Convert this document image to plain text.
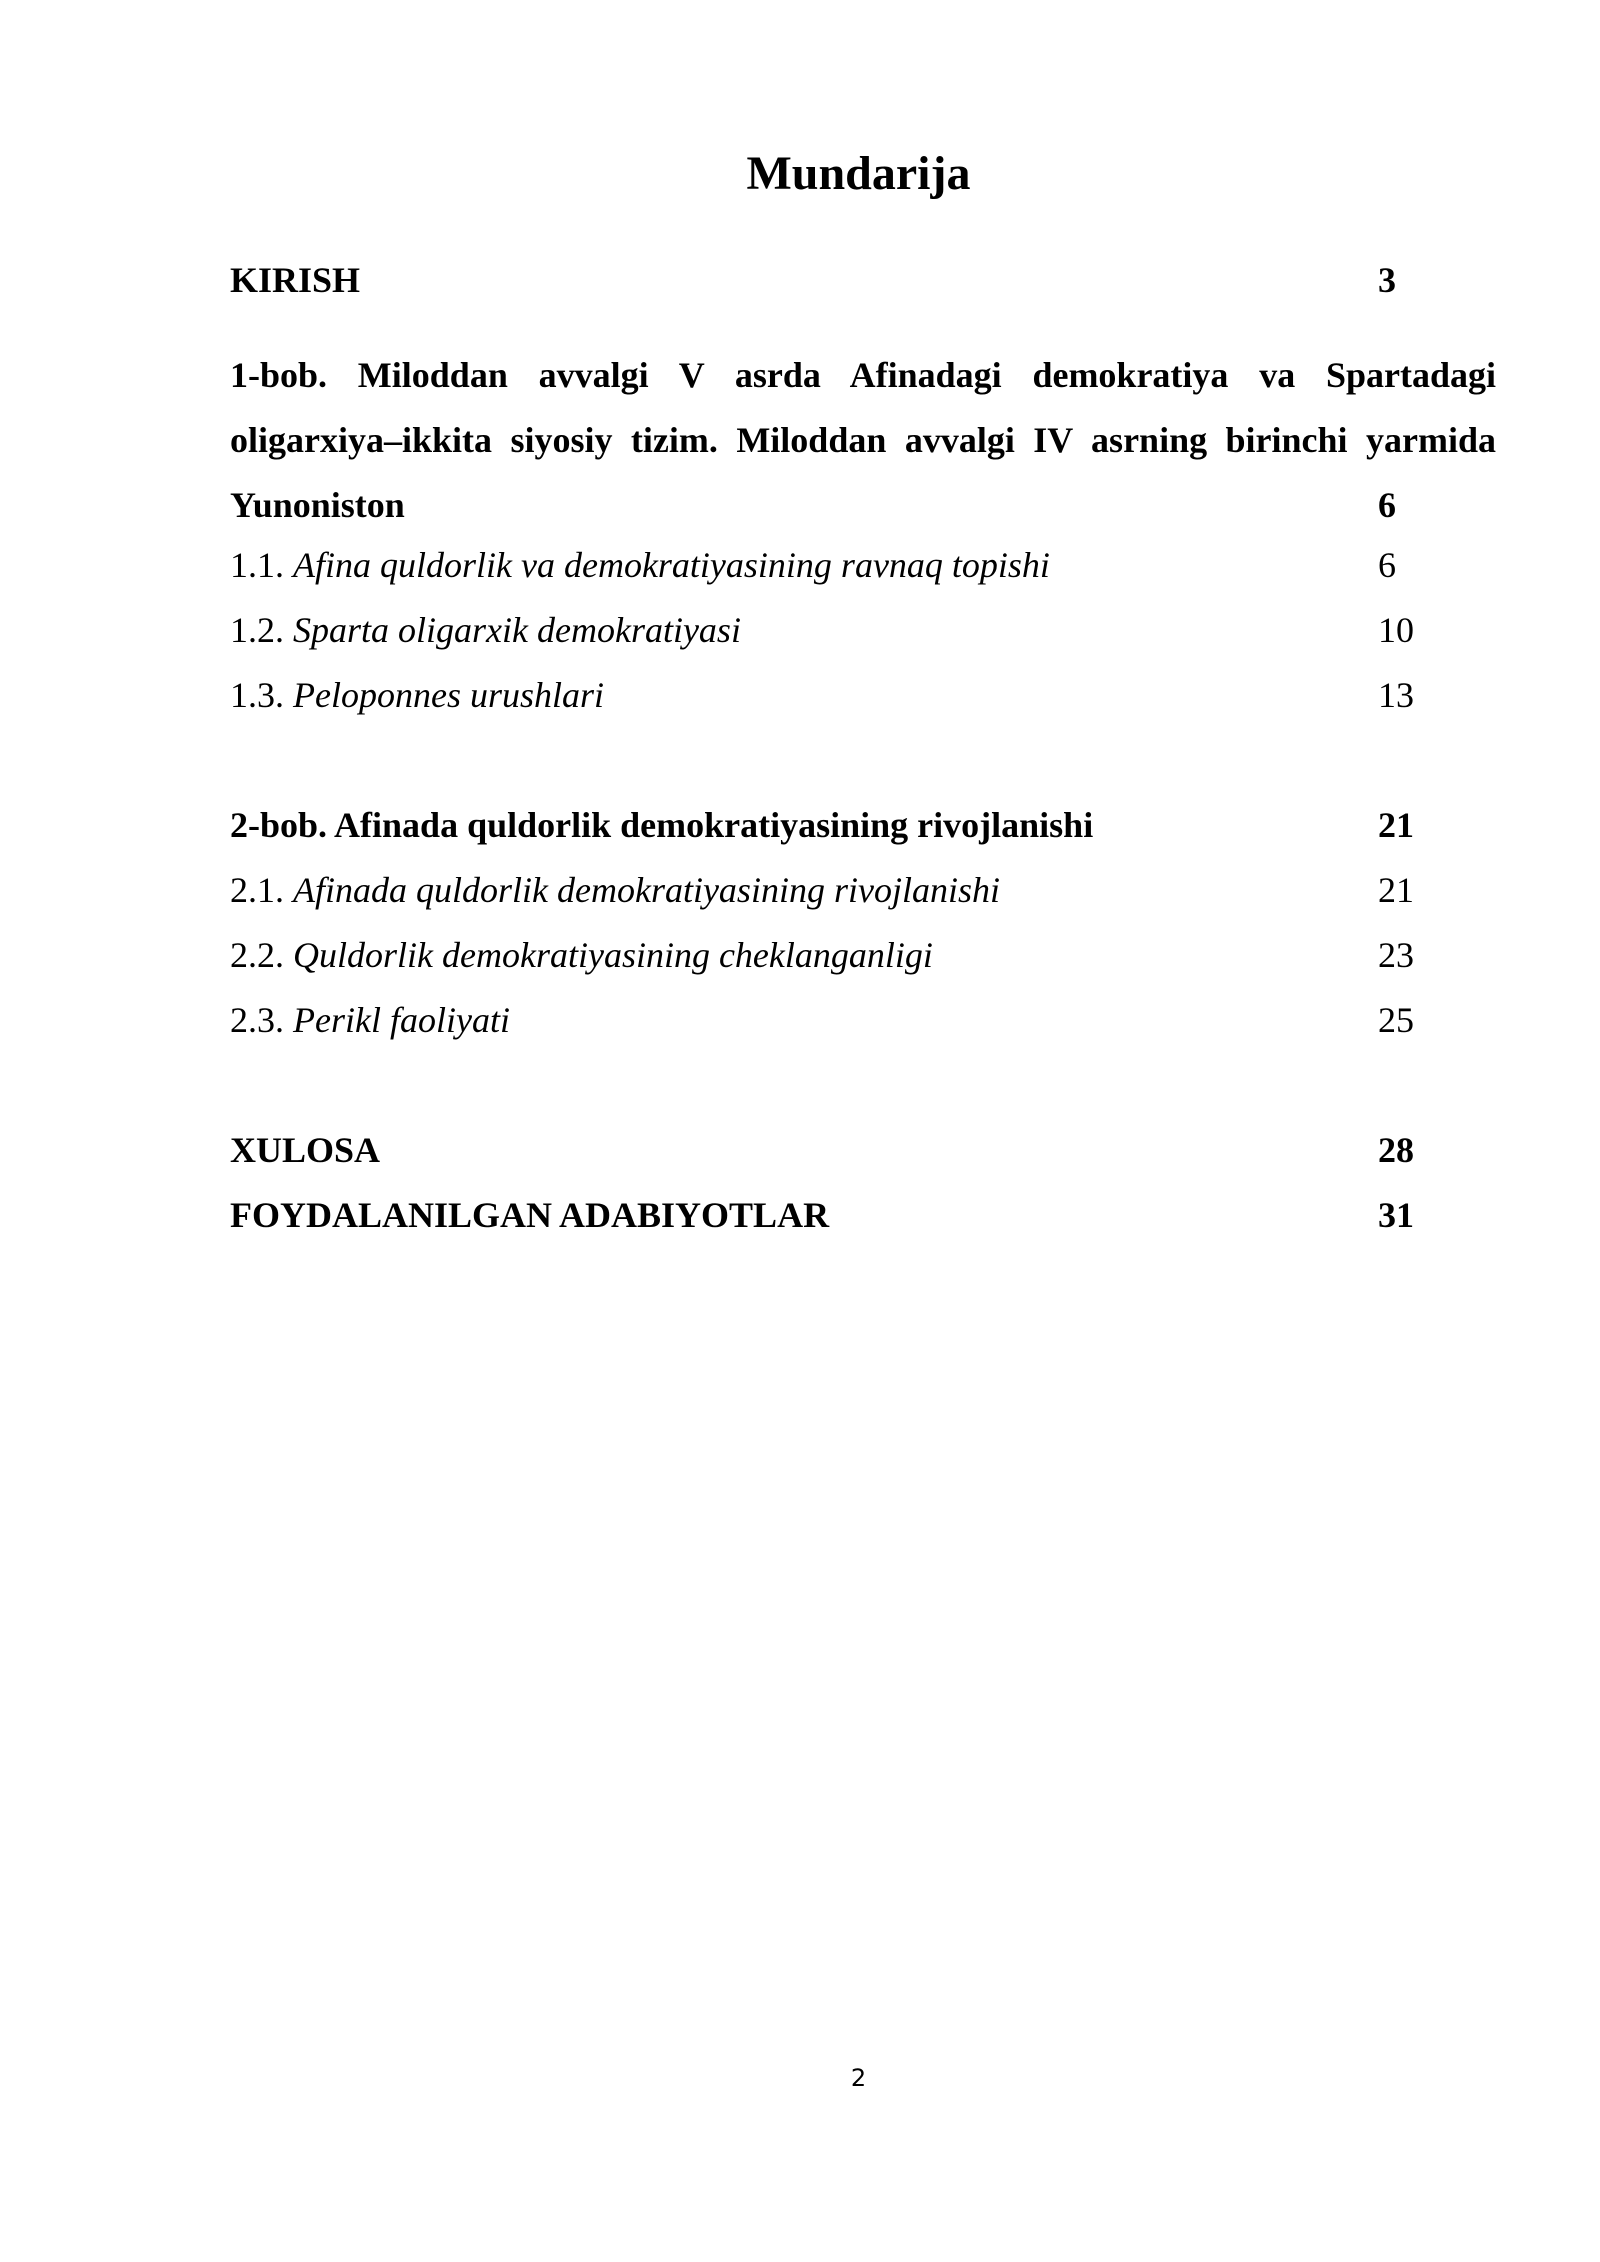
Mundarija
KIRISH	3
1-bob. Miloddan avvalgi V asrda Afinadagi demokratiya va Spartadagi
oligarxiya–ikkita siyosiy tizim. Miloddan avvalgi IV asrning birinchi yarmida
Yunoniston	6
1.1. Afina quldorlik va demokratiyasining ravnaq topishi	6
1.2. Sparta oligarxik demokratiyasi	10
1.3. Peloponnes urushlari	13
2-bob. Afinada quldorlik demokratiyasining rivojlanishi	21
2.1. Afinada quldorlik demokratiyasining rivojlanishi	21
2.2. Quldorlik demokratiyasining cheklanganligi	23
2.3. Perikl faoliyati	25
XULOSA	28
FOYDALANILGAN ADABIYOTLAR	31
2
